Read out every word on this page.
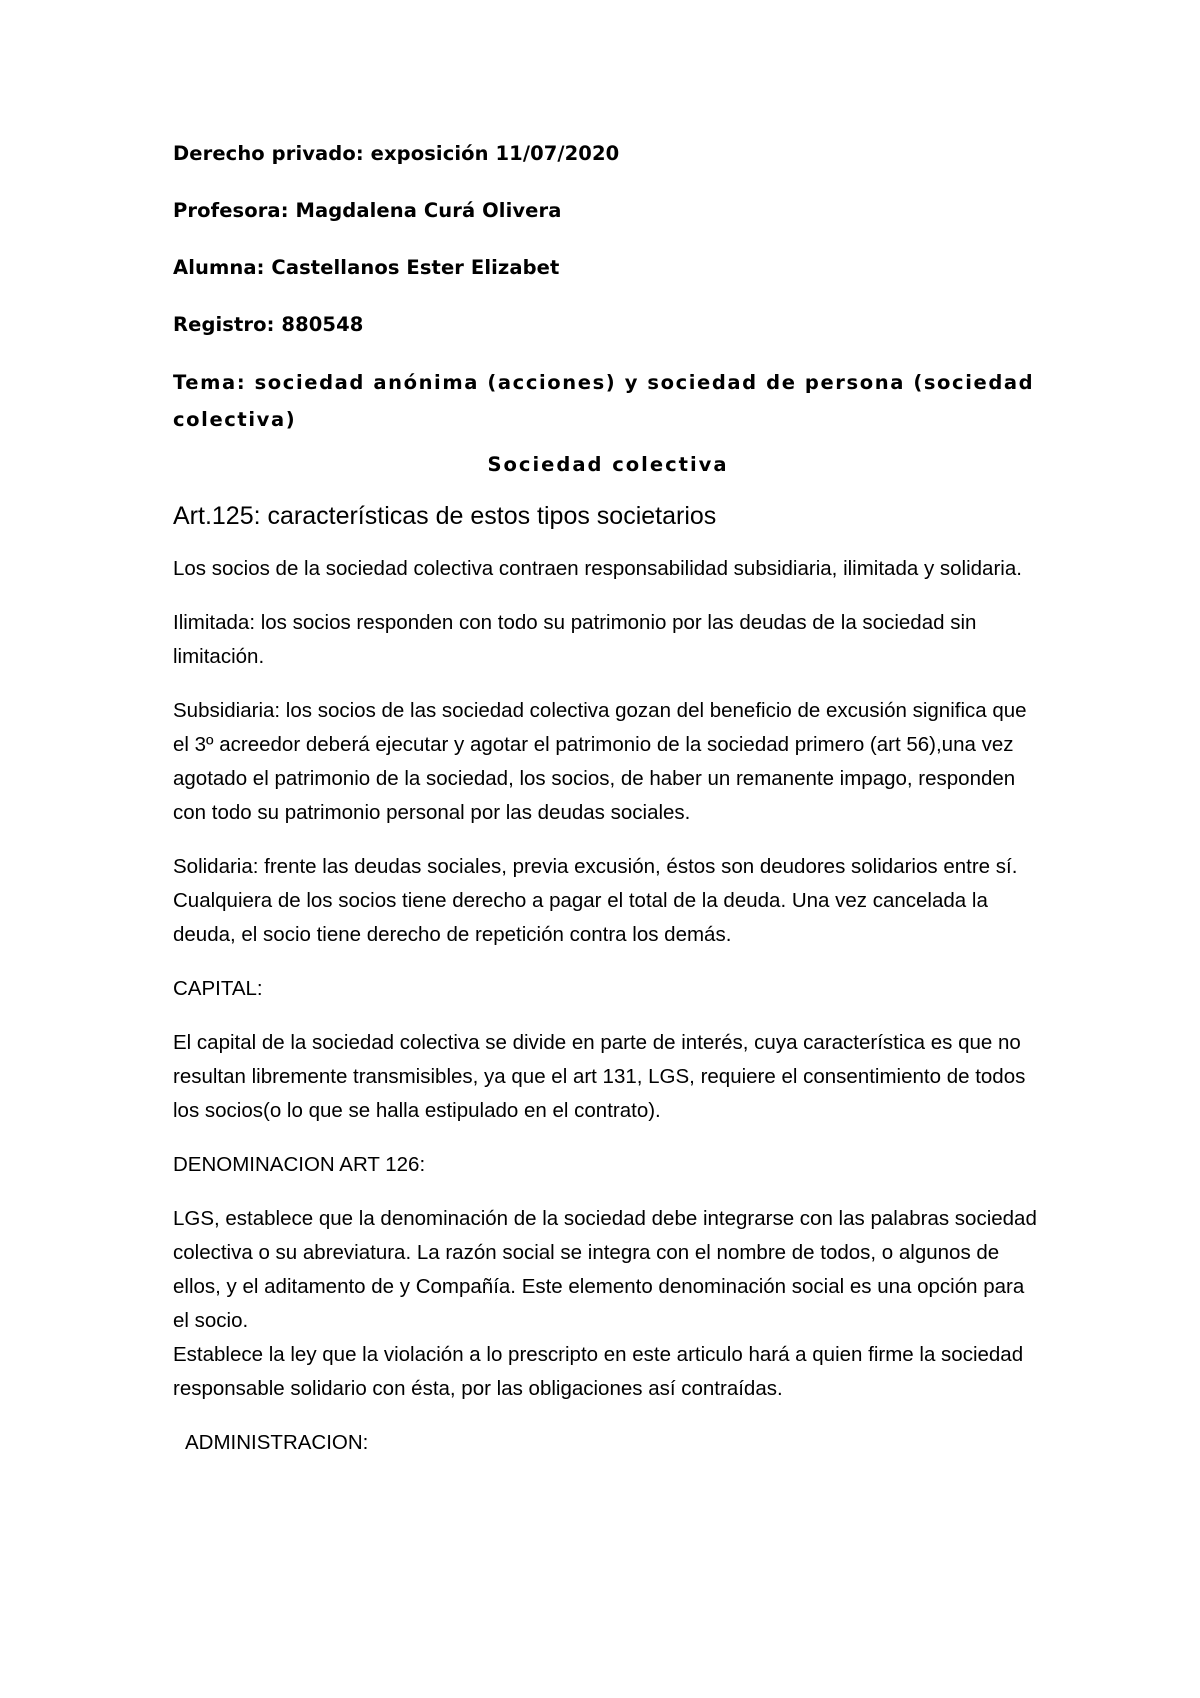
Derecho privado: exposición 11/07/2020
Profesora: Magdalena Curá Olivera
Alumna: Castellanos Ester Elizabet
Registro: 880548
Tema: sociedad anónima (acciones) y sociedad de persona (sociedad colectiva)
Sociedad colectiva
Art.125: características de estos tipos societarios
Los socios de la sociedad colectiva contraen responsabilidad subsidiaria, ilimitada y solidaria.
Ilimitada: los socios responden con todo su patrimonio por las deudas de la sociedad sin limitación.
Subsidiaria: los socios de las sociedad colectiva gozan del beneficio de excusión significa que el 3º acreedor deberá ejecutar y agotar el patrimonio de la sociedad primero (art 56),una vez agotado el patrimonio de la sociedad, los socios, de haber un remanente impago, responden con todo su patrimonio personal por las deudas sociales.
Solidaria: frente las deudas sociales, previa excusión, éstos son deudores solidarios entre sí. Cualquiera de los socios tiene derecho a pagar el total de la deuda. Una vez cancelada la deuda, el socio tiene derecho de repetición contra los demás.
CAPITAL:
El capital de la sociedad colectiva se divide en parte de interés, cuya característica es que no resultan libremente transmisibles, ya que el art 131, LGS, requiere el consentimiento de todos los socios(o lo que se halla estipulado en el contrato).
DENOMINACION ART 126:
LGS, establece que la denominación de la sociedad debe integrarse con las palabras sociedad colectiva o su abreviatura. La razón social se integra con el nombre de todos, o algunos de ellos, y el aditamento de y Compañía. Este elemento denominación social es una opción para el socio.
Establece la ley que la violación a lo prescripto en este articulo hará a quien firme la sociedad responsable solidario con ésta, por las obligaciones así contraídas.
ADMINISTRACION:
